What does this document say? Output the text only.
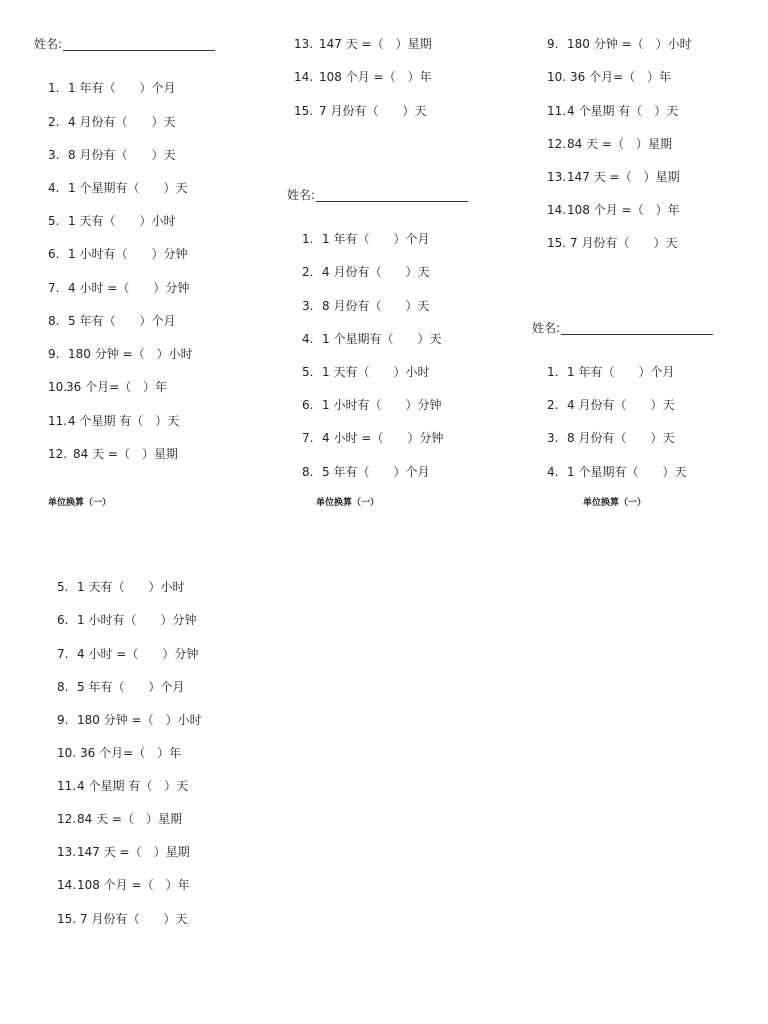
姓名:
1. 1 年有（　　）个月
2. 4 月份有（　　）天
3. 8 月份有（　　）天
4. 1 个星期有（　　）天
5. 1 天有（　　）小时
6. 1 小时有（　　）分钟
7. 4 小时 =（　　）分钟
8. 5 年有（　　）个月
9. 180 分钟 =（　）小时
10.36 个月=（　）年
11.4 个星期 有（　）天
12. 84 天 =（　）星期
单位换算（一）
13. 147 天 =（　）星期
14. 108 个月 =（　）年
15. 7 月份有（　　）天
姓名:
1. 1 年有（　　）个月
2. 4 月份有（　　）天
3. 8 月份有（　　）天
4. 1 个星期有（　　）天
5. 1 天有（　　）小时
6. 1 小时有（　　）分钟
7. 4 小时 =（　　）分钟
8. 5 年有（　　）个月
单位换算（一）
9. 180 分钟 =（　）小时
10. 36 个月=（　）年
11.4 个星期 有（　）天
12.84 天 =（　）星期
13.147 天 =（　）星期
14.108 个月 =（　）年
15. 7 月份有（　　）天
姓名:
1. 1 年有（　　）个月
2. 4 月份有（　　）天
3. 8 月份有（　　）天
4. 1 个星期有（　　）天
单位换算（一）
5. 1 天有（　　）小时
6. 1 小时有（　　）分钟
7. 4 小时 =（　　）分钟
8. 5 年有（　　）个月
9. 180 分钟 =（　）小时
10. 36 个月=（　）年
11.4 个星期 有（　）天
12.84 天 =（　）星期
13.147 天 =（　）星期
14.108 个月 =（　）年
15. 7 月份有（　　）天
